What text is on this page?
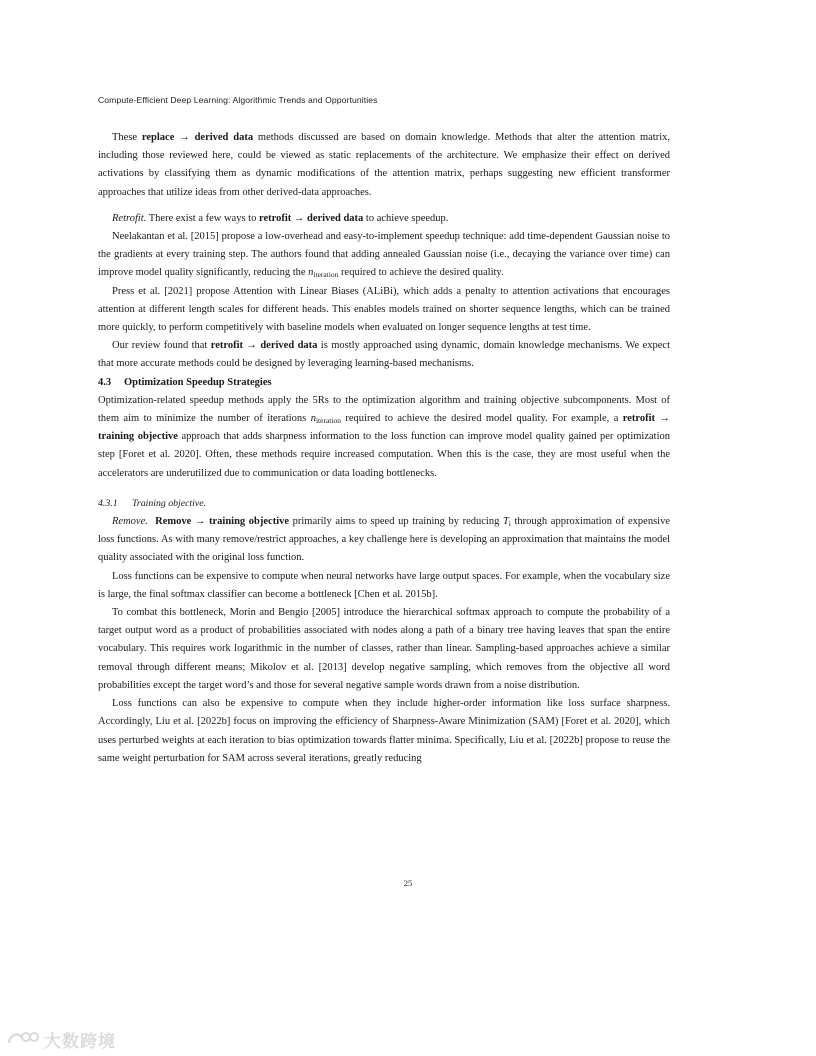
Compute-Efficient Deep Learning: Algorithmic Trends and Opportunities

These replace → derived data methods discussed are based on domain knowledge. Methods that alter the attention matrix, including those reviewed here, could be viewed as static replacements of the architecture. We emphasize their effect on derived activations by classifying them as dynamic modifications of the attention matrix, perhaps suggesting new efficient transformer approaches that utilize ideas from other derived-data approaches.

Retrofit. There exist a few ways to retrofit → derived data to achieve speedup.

Neelakantan et al. [2015] propose a low-overhead and easy-to-implement speedup technique: add time-dependent Gaussian noise to the gradients at every training step. The authors found that adding annealed Gaussian noise (i.e., decaying the variance over time) can improve model quality significantly, reducing the $n_{iteration}$ required to achieve the desired quality.

Press et al. [2021] propose Attention with Linear Biases (ALiBi), which adds a penalty to attention activations that encourages attention at different length scales for different heads. This enables models trained on shorter sequence lengths, which can be trained more quickly, to perform competitively with baseline models when evaluated on longer sequence lengths at test time.

Our review found that retrofit → derived data is mostly approached using dynamic, domain knowledge mechanisms. We expect that more accurate methods could be designed by leveraging learning-based mechanisms.

4.3 Optimization Speedup Strategies

Optimization-related speedup methods apply the 5Rs to the optimization algorithm and training objective subcomponents. Most of them aim to minimize the number of iterations $n_{iteration}$ required to achieve the desired model quality. For example, a retrofit → training objective approach that adds sharpness information to the loss function can improve model quality gained per optimization step [Foret et al. 2020]. Often, these methods require increased computation. When this is the case, they are most useful when the accelerators are underutilized due to communication or data loading bottlenecks.

4.3.1 Training objective.

Remove. Remove → training objective primarily aims to speed up training by reducing $T_i$ through approximation of expensive loss functions. As with many remove/restrict approaches, a key challenge here is developing an approximation that maintains the model quality associated with the original loss function.

Loss functions can be expensive to compute when neural networks have large output spaces. For example, when the vocabulary size is large, the final softmax classifier can become a bottleneck [Chen et al. 2015b].

To combat this bottleneck, Morin and Bengio [2005] introduce the hierarchical softmax approach to compute the probability of a target output word as a product of probabilities associated with nodes along a path of a binary tree having leaves that span the entire vocabulary. This requires work logarithmic in the number of classes, rather than linear. Sampling-based approaches achieve a similar removal through different means; Mikolov et al. [2013] develop negative sampling, which removes from the objective all word probabilities except the target word’s and those for several negative sample words drawn from a noise distribution.

Loss functions can also be expensive to compute when they include higher-order information like loss surface sharpness. Accordingly, Liu et al. [2022b] focus on improving the efficiency of Sharpness-Aware Minimization (SAM) [Foret et al. 2020], which uses perturbed weights at each iteration to bias optimization towards flatter minima. Specifically, Liu et al. [2022b] propose to reuse the same weight perturbation for SAM across several iterations, greatly reducing

25
大数跨境
